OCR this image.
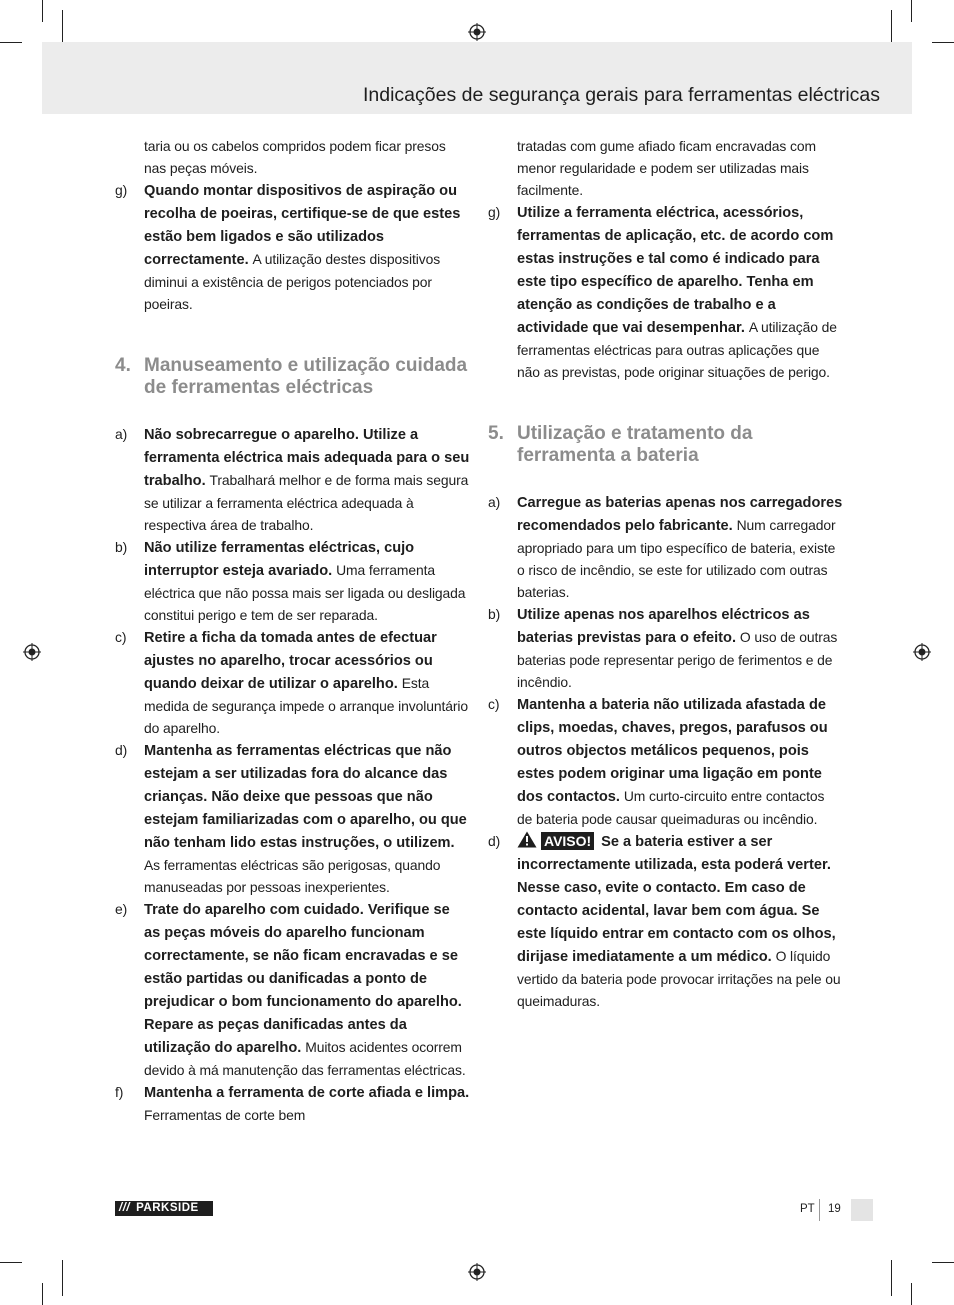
Indicações de segurança gerais para ferramentas eléctricas
taria ou os cabelos compridos podem ficar presos nas peças móveis.
g)	Quando montar dispositivos de aspiração ou recolha de poeiras, certifique-se de que estes estão bem ligados e são utilizados correctamente. A utilização destes dispositivos diminui a existência de perigos potenciados por poeiras.
4. Manuseamento e utilização cuidada de ferramentas eléctricas
a)	Não sobrecarregue o aparelho. Utilize a ferramenta eléctrica mais adequada para o seu trabalho. Trabalhará melhor e de forma mais segura se utilizar a ferramenta eléctrica adequada à respectiva área de trabalho.
b)	Não utilize ferramentas eléctricas, cujo interruptor esteja avariado. Uma ferramenta eléctrica que não possa mais ser ligada ou desligada constitui perigo e tem de ser reparada.
c)	Retire a ficha da tomada antes de efectuar ajustes no aparelho, trocar acessórios ou quando deixar de utilizar o aparelho. Esta medida de segurança impede o arranque involuntário do aparelho.
d)	Mantenha as ferramentas eléctricas que não estejam a ser utilizadas fora do alcance das crianças. Não deixe que pessoas que não estejam familiarizadas com o aparelho, ou que não tenham lido estas instruções, o utilizem. As ferramentas eléctricas são perigosas, quando manuseadas por pessoas inexperientes.
e)	Trate do aparelho com cuidado. Verifique se as peças móveis do aparelho funcionam correctamente, se não ficam encravadas e se estão partidas ou danificadas a ponto de prejudicar o bom funcionamento do aparelho. Repare as peças danificadas antes da utilização do aparelho. Muitos acidentes ocorrem devido à má manutenção das ferramentas eléctricas.
f)	Mantenha a ferramenta de corte afiada e limpa. Ferramentas de corte bem
tratadas com gume afiado ficam encravadas com menor regularidade e podem ser utilizadas mais facilmente.
g)	Utilize a ferramenta eléctrica, acessórios, ferramentas de aplicação, etc. de acordo com estas instruções e tal como é indicado para este tipo específico de aparelho. Tenha em atenção as condições de trabalho e a actividade que vai desempenhar. A utilização de ferramentas eléctricas para outras aplicações que não as previstas, pode originar situações de perigo.
5. Utilização e tratamento da ferramenta a bateria
a)	Carregue as baterias apenas nos carregadores recomendados pelo fabricante. Num carregador apropriado para um tipo específico de bateria, existe o risco de incêndio, se este for utilizado com outras baterias.
b)	Utilize apenas nos aparelhos eléctricos as baterias previstas para o efeito. O uso de outras baterias pode representar perigo de ferimentos e de incêndio.
c)	Mantenha a bateria não utilizada afastada de clips, moedas, chaves, pregos, parafusos ou outros objectos metálicos pequenos, pois estes podem originar uma ligação em ponte dos contactos. Um curto-circuito entre contactos de bateria pode causar queimaduras ou incêndio.
d)	AVISO! Se a bateria estiver a ser incorrectamente utilizada, esta poderá verter. Nesse caso, evite o contacto. Em caso de contacto acidental, lavar bem com água. Se este líquido entrar em contacto com os olhos, dirijase imediatamente a um médico. O líquido vertido da bateria pode provocar irritações na pele ou queimaduras.
/// PARKSIDE	PT 19
